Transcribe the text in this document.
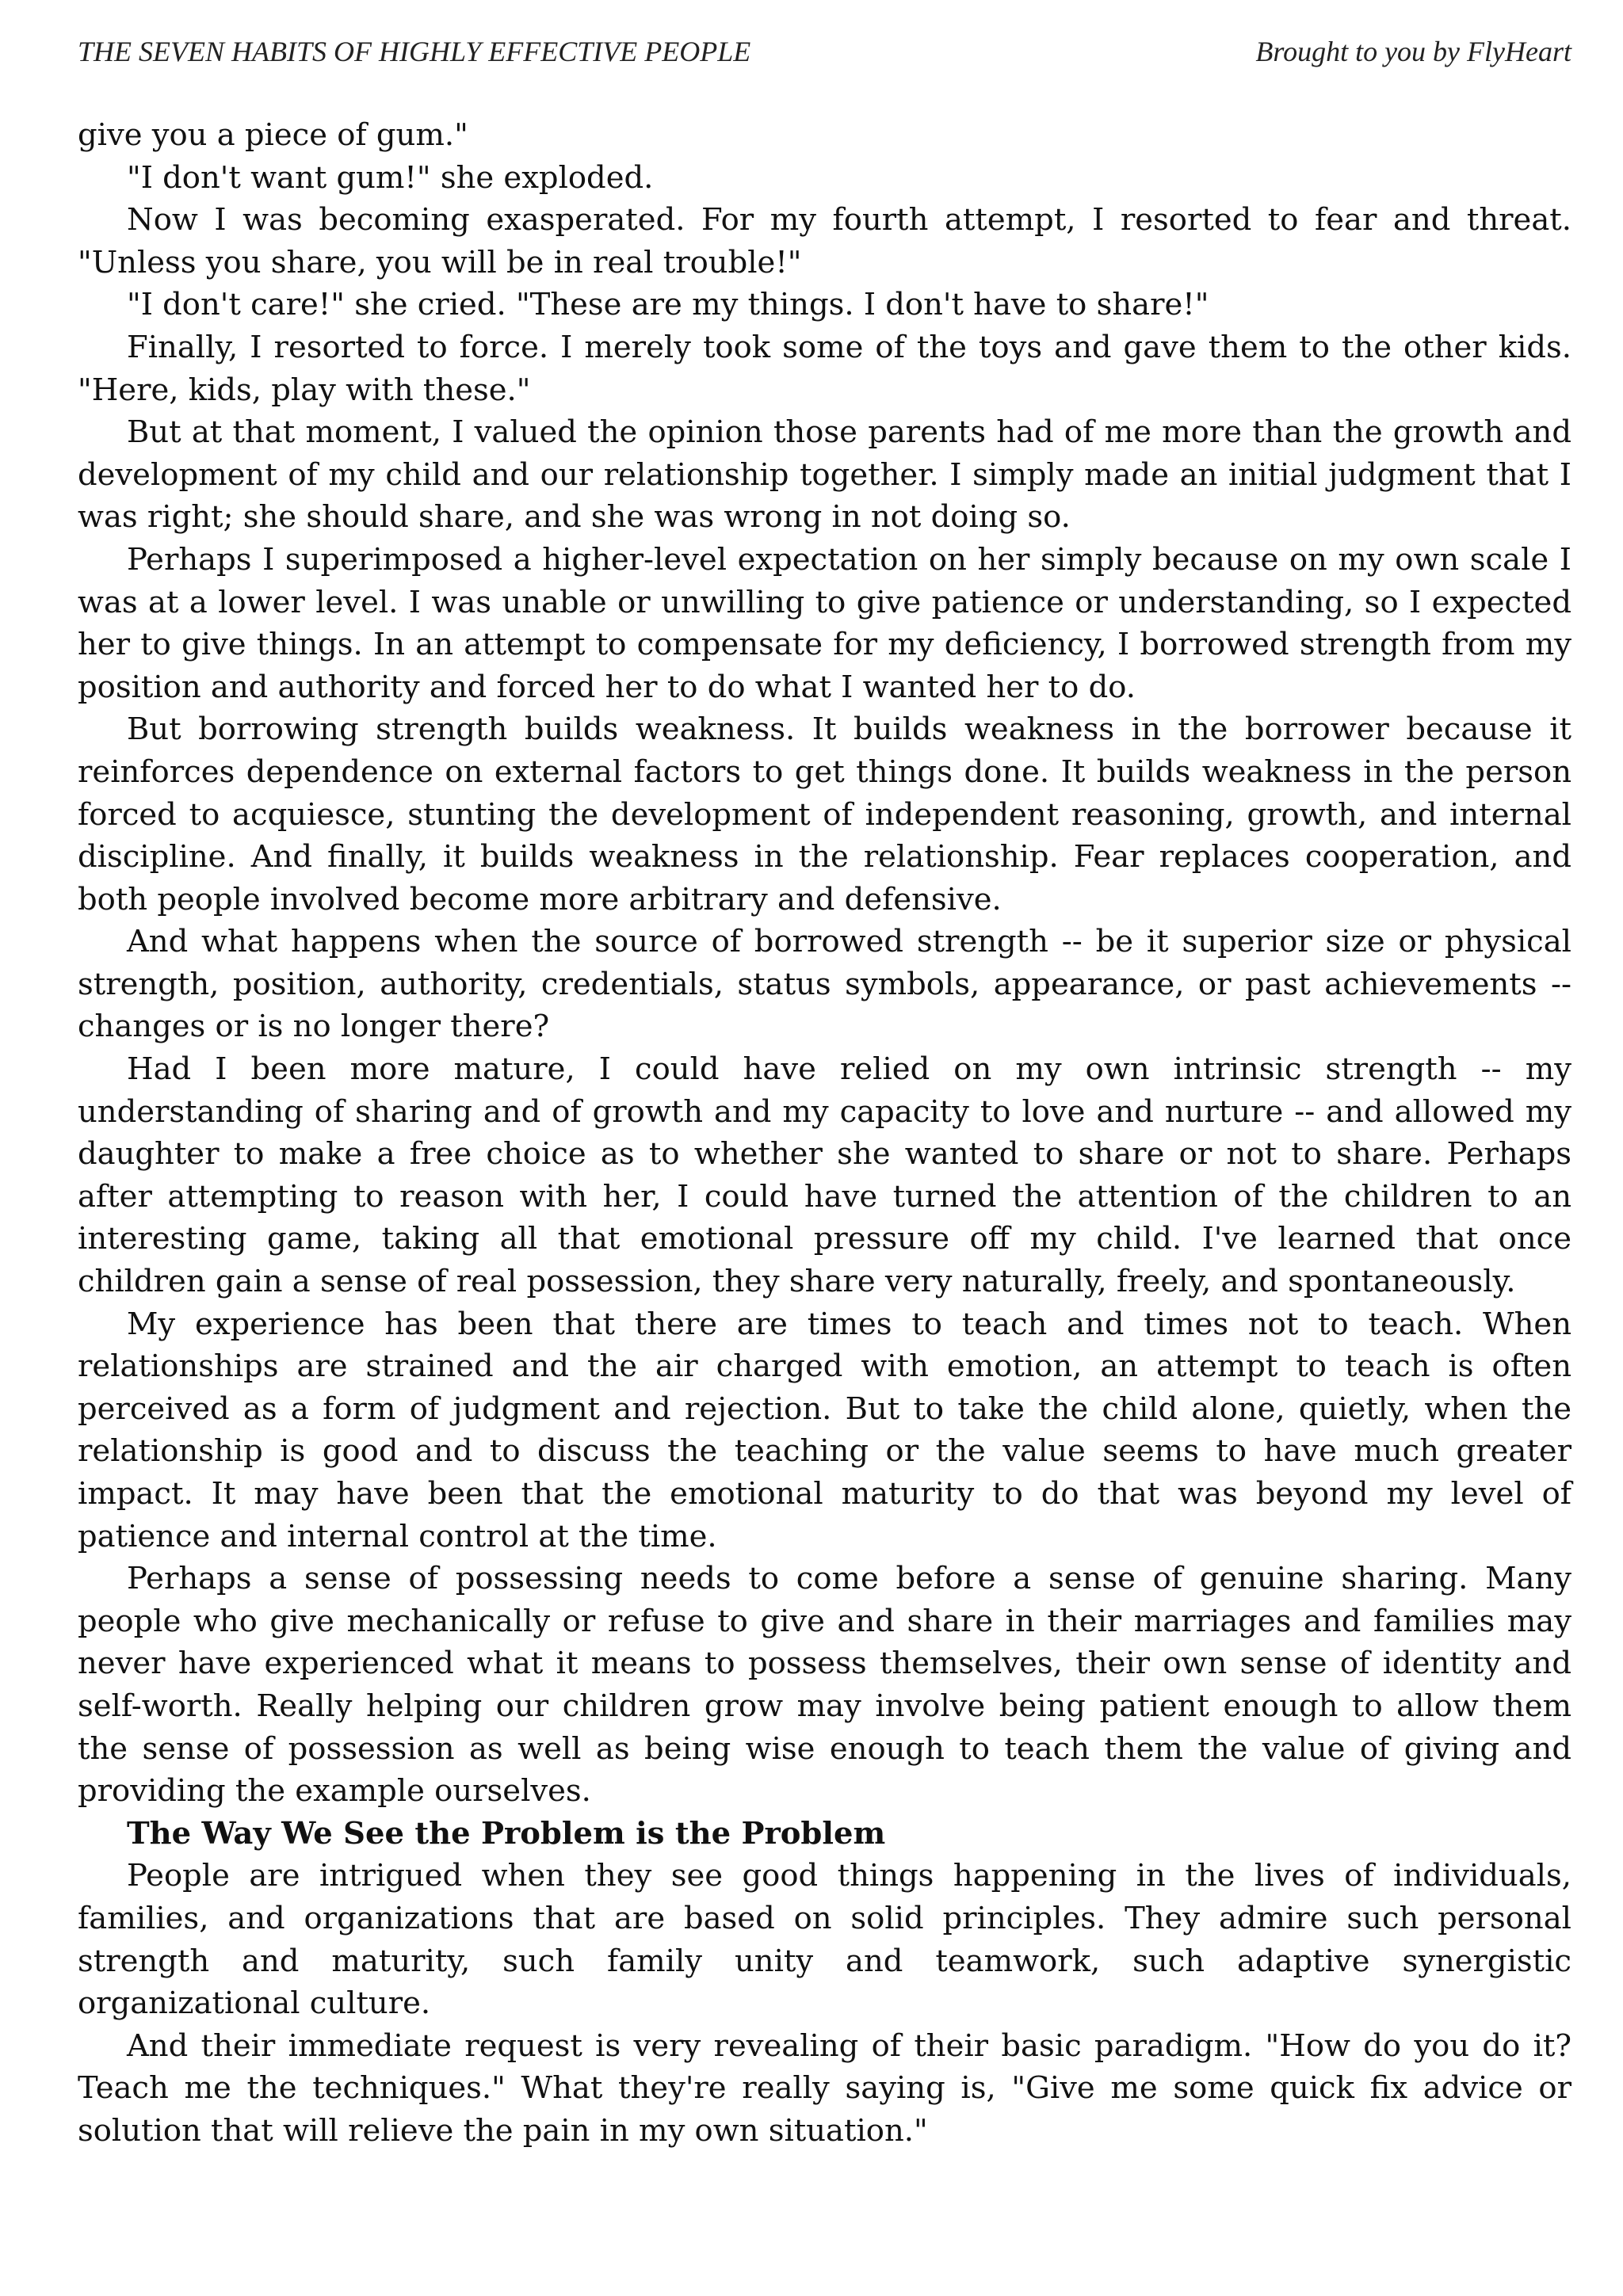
THE SEVEN HABITS OF HIGHLY EFFECTIVE PEOPLE	Brought to you by FlyHeart

give you a piece of gum."

"I don't want gum!" she exploded.

Now I was becoming exasperated. For my fourth attempt, I resorted to fear and threat. "Unless you share, you will be in real trouble!"

"I don't care!" she cried. "These are my things. I don't have to share!"

Finally, I resorted to force. I merely took some of the toys and gave them to the other kids. "Here, kids, play with these."

But at that moment, I valued the opinion those parents had of me more than the growth and development of my child and our relationship together. I simply made an initial judgment that I was right; she should share, and she was wrong in not doing so.

Perhaps I superimposed a higher-level expectation on her simply because on my own scale I was at a lower level. I was unable or unwilling to give patience or understanding, so I expected her to give things. In an attempt to compensate for my deficiency, I borrowed strength from my position and authority and forced her to do what I wanted her to do.

But borrowing strength builds weakness. It builds weakness in the borrower because it reinforces dependence on external factors to get things done. It builds weakness in the person forced to acquiesce, stunting the development of independent reasoning, growth, and internal discipline. And finally, it builds weakness in the relationship. Fear replaces cooperation, and both people involved become more arbitrary and defensive.

And what happens when the source of borrowed strength -- be it superior size or physical strength, position, authority, credentials, status symbols, appearance, or past achievements -- changes or is no longer there?

Had I been more mature, I could have relied on my own intrinsic strength -- my understanding of sharing and of growth and my capacity to love and nurture -- and allowed my daughter to make a free choice as to whether she wanted to share or not to share. Perhaps after attempting to reason with her, I could have turned the attention of the children to an interesting game, taking all that emotional pressure off my child. I've learned that once children gain a sense of real possession, they share very naturally, freely, and spontaneously.

My experience has been that there are times to teach and times not to teach. When relationships are strained and the air charged with emotion, an attempt to teach is often perceived as a form of judgment and rejection. But to take the child alone, quietly, when the relationship is good and to discuss the teaching or the value seems to have much greater impact. It may have been that the emotional maturity to do that was beyond my level of patience and internal control at the time.

Perhaps a sense of possessing needs to come before a sense of genuine sharing. Many people who give mechanically or refuse to give and share in their marriages and families may never have experienced what it means to possess themselves, their own sense of identity and self-worth. Really helping our children grow may involve being patient enough to allow them the sense of possession as well as being wise enough to teach them the value of giving and providing the example ourselves.

The Way We See the Problem is the Problem

People are intrigued when they see good things happening in the lives of individuals, families, and organizations that are based on solid principles. They admire such personal strength and maturity, such family unity and teamwork, such adaptive synergistic organizational culture.

And their immediate request is very revealing of their basic paradigm. "How do you do it? Teach me the techniques." What they're really saying is, "Give me some quick fix advice or solution that will relieve the pain in my own situation."
